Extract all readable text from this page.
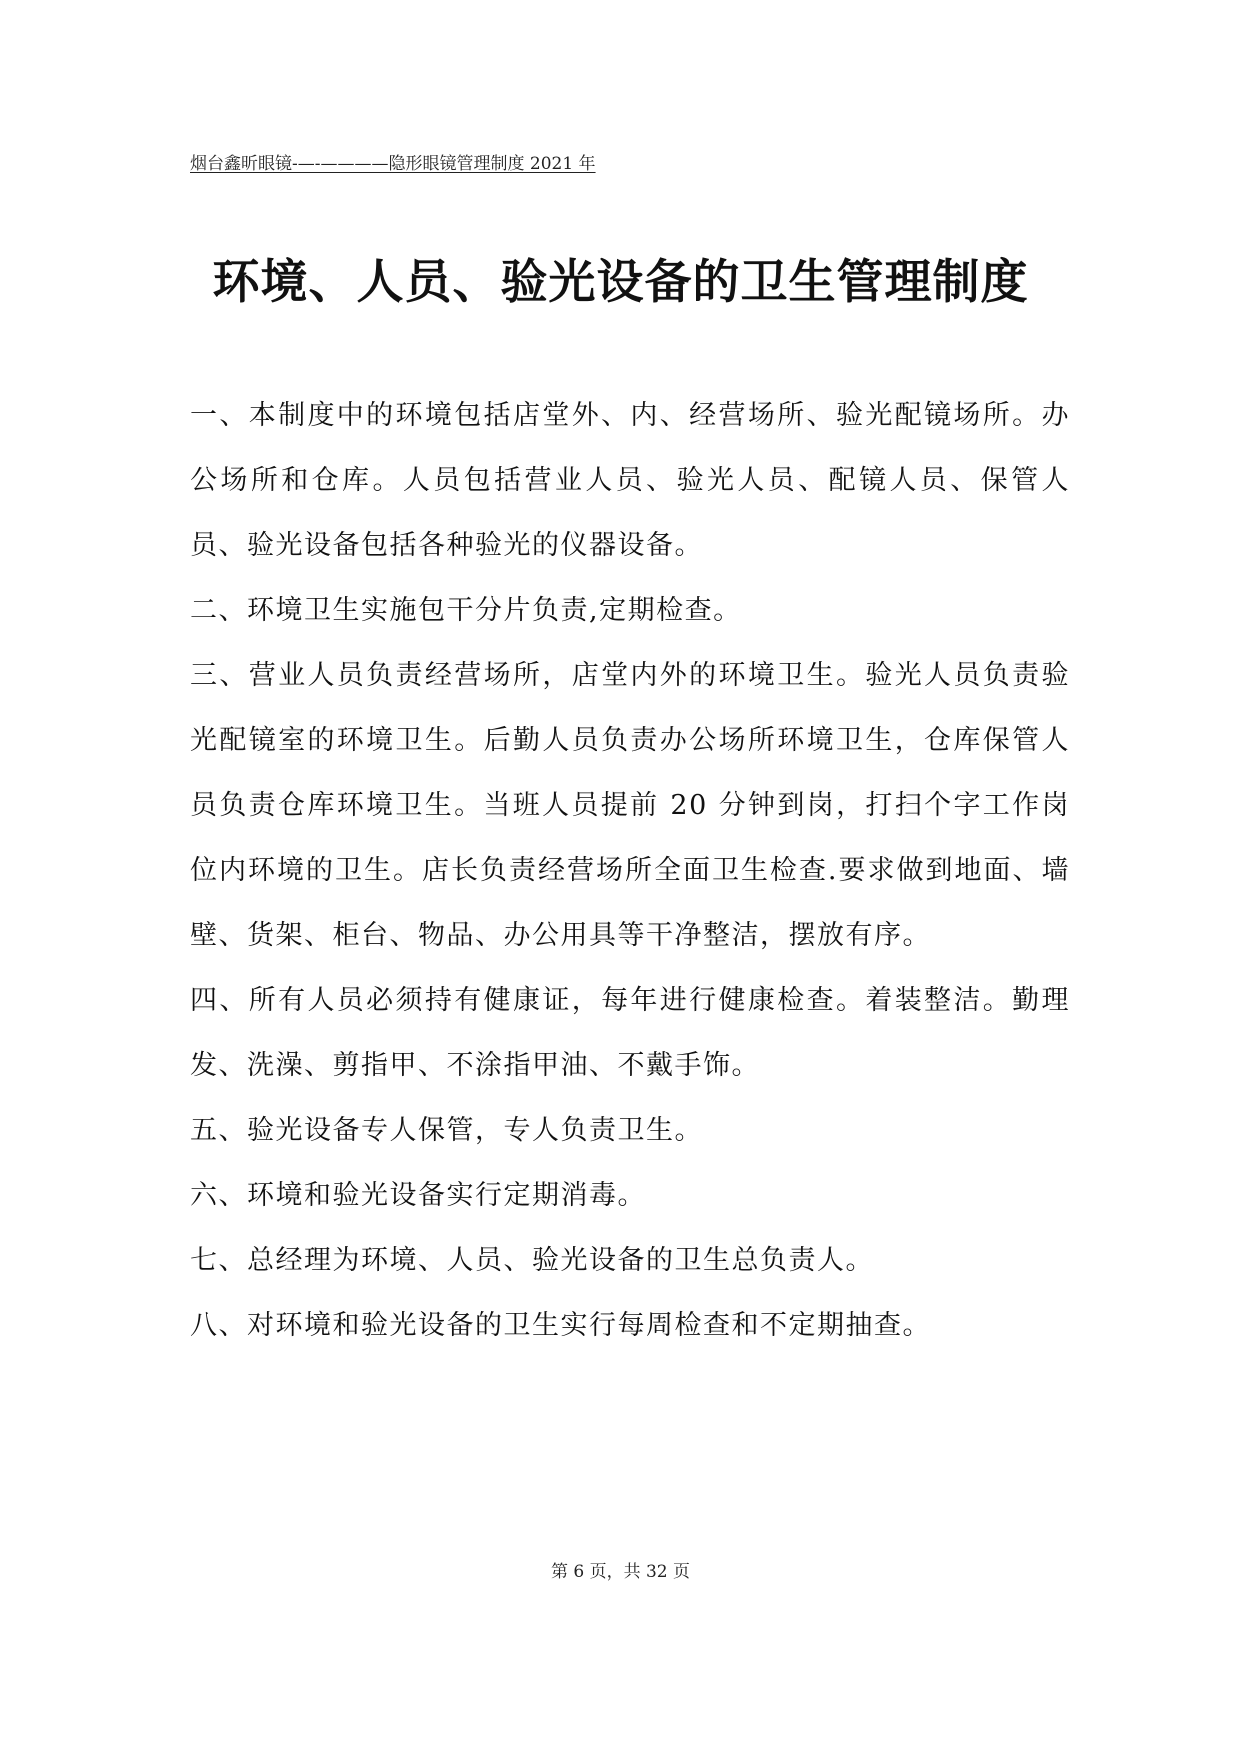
烟台鑫昕眼镜-—-————隐形眼镜管理制度 2021 年
环境、人员、验光设备的卫生管理制度

一、本制度中的环境包括店堂外、内、经营场所、验光配镜场所。办公场所和仓库。人员包括营业人员、验光人员、配镜人员、保管人员、验光设备包括各种验光的仪器设备。

二、环境卫生实施包干分片负责,定期检查。

三、营业人员负责经营场所，店堂内外的环境卫生。验光人员负责验光配镜室的环境卫生。后勤人员负责办公场所环境卫生，仓库保管人员负责仓库环境卫生。当班人员提前 20 分钟到岗，打扫个字工作岗位内环境的卫生。店长负责经营场所全面卫生检查.要求做到地面、墙壁、货架、柜台、物品、办公用具等干净整洁，摆放有序。

四、所有人员必须持有健康证，每年进行健康检查。着装整洁。勤理发、洗澡、剪指甲、不涂指甲油、不戴手饰。

五、验光设备专人保管，专人负责卫生。

六、环境和验光设备实行定期消毒。

七、总经理为环境、人员、验光设备的卫生总负责人。

八、对环境和验光设备的卫生实行每周检查和不定期抽查。

第 6 页，共 32 页
